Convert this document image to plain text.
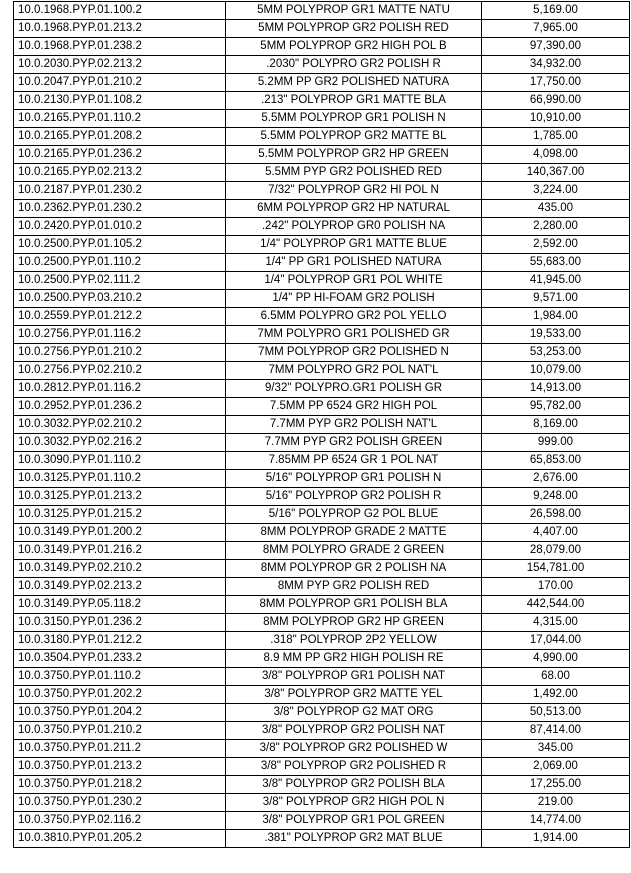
10.0.1968.PYP.01.100.2	5MM POLYPROP GR1 MATTE NATU	5,169.00
10.0.1968.PYP.01.213.2	5MM POLYPROP GR2 POLISH RED	7,965.00
10.0.1968.PYP.01.238.2	5MM POLYPROP GR2 HIGH POL B	97,390.00
10.0.2030.PYP.02.213.2	.2030" POLYPRO GR2 POLISH R	34,932.00
10.0.2047.PYP.01.210.2	5.2MM PP GR2 POLISHED NATURA	17,750.00
10.0.2130.PYP.01.108.2	.213" POLYPROP GR1 MATTE BLA	66,990.00
10.0.2165.PYP.01.110.2	5.5MM POLYPROP GR1 POLISH N	10,910.00
10.0.2165.PYP.01.208.2	5.5MM POLYPROP GR2 MATTE BL	1,785.00
10.0.2165.PYP.01.236.2	5.5MM POLYPROP GR2 HP GREEN	4,098.00
10.0.2165.PYP.02.213.2	5.5MM PYP GR2 POLISHED RED	140,367.00
10.0.2187.PYP.01.230.2	7/32" POLYPROP GR2 HI POL N	3,224.00
10.0.2362.PYP.01.230.2	6MM POLYPROP GR2 HP NATURAL	435.00
10.0.2420.PYP.01.010.2	.242" POLYPROP GR0 POLISH NA	2,280.00
10.0.2500.PYP.01.105.2	1/4" POLYPROP GR1 MATTE BLUE	2,592.00
10.0.2500.PYP.01.110.2	1/4" PP GR1 POLISHED NATURA	55,683.00
10.0.2500.PYP.02.111.2	1/4" POLYPROP GR1 POL WHITE	41,945.00
10.0.2500.PYP.03.210.2	1/4" PP HI-FOAM GR2 POLISH	9,571.00
10.0.2559.PYP.01.212.2	6.5MM POLYPRO GR2 POL YELLO	1,984.00
10.0.2756.PYP.01.116.2	7MM POLYPRO GR1 POLISHED GR	19,533.00
10.0.2756.PYP.01.210.2	7MM POLYPROP GR2 POLISHED N	53,253.00
10.0.2756.PYP.02.210.2	7MM POLYPRO GR2 POL NAT'L	10,079.00
10.0.2812.PYP.01.116.2	9/32" POLYPRO.GR1 POLISH GR	14,913.00
10.0.2952.PYP.01.236.2	7.5MM PP 6524 GR2 HIGH POL	95,782.00
10.0.3032.PYP.02.210.2	7.7MM PYP GR2 POLISH NAT'L	8,169.00
10.0.3032.PYP.02.216.2	7.7MM PYP GR2 POLISH GREEN	999.00
10.0.3090.PYP.01.110.2	7.85MM PP 6524 GR 1 POL NAT	65,853.00
10.0.3125.PYP.01.110.2	5/16" POLYPROP GR1 POLISH N	2,676.00
10.0.3125.PYP.01.213.2	5/16" POLYPROP GR2 POLISH R	9,248.00
10.0.3125.PYP.01.215.2	5/16" POLYPROP G2 POL BLUE	26,598.00
10.0.3149.PYP.01.200.2	8MM POLYPROP GRADE 2 MATTE	4,407.00
10.0.3149.PYP.01.216.2	8MM POLYPRO GRADE 2 GREEN	28,079.00
10.0.3149.PYP.02.210.2	8MM POLYPROP GR 2 POLISH NA	154,781.00
10.0.3149.PYP.02.213.2	8MM PYP GR2 POLISH RED	170.00
10.0.3149.PYP.05.118.2	8MM POLYPROP GR1 POLISH BLA	442,544.00
10.0.3150.PYP.01.236.2	8MM POLYPROP GR2 HP GREEN	4,315.00
10.0.3180.PYP.01.212.2	.318" POLYPROP 2P2 YELLOW	17,044.00
10.0.3504.PYP.01.233.2	8.9 MM PP GR2 HIGH POLISH RE	4,990.00
10.0.3750.PYP.01.110.2	3/8" POLYPROP GR1 POLISH NAT	68.00
10.0.3750.PYP.01.202.2	3/8" POLYPROP GR2 MATTE YEL	1,492.00
10.0.3750.PYP.01.204.2	3/8" POLYPROP G2 MAT ORG	50,513.00
10.0.3750.PYP.01.210.2	3/8" POLYPROP GR2 POLISH NAT	87,414.00
10.0.3750.PYP.01.211.2	3/8" POLYPROP GR2 POLISHED W	345.00
10.0.3750.PYP.01.213.2	3/8" POLYPROP GR2 POLISHED R	2,069.00
10.0.3750.PYP.01.218.2	3/8" POLYPROP GR2 POLISH BLA	17,255.00
10.0.3750.PYP.01.230.2	3/8" POLYPROP GR2 HIGH POL N	219.00
10.0.3750.PYP.02.116.2	3/8" POLYPROP GR1 POL GREEN	14,774.00
10.0.3810.PYP.01.205.2	.381" POLYPROP GR2 MAT BLUE	1,914.00
